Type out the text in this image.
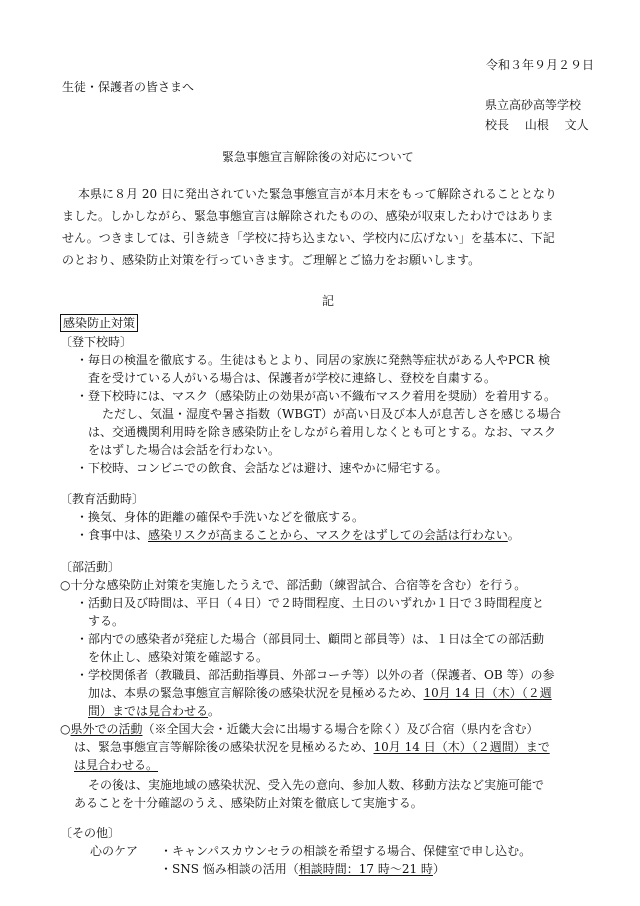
令和３年９月２９日
生徒・保護者の皆さまへ
県立高砂高等学校
校長　 山根　 文人
緊急事態宣言解除後の対応について
本県に８月 20 日に発出されていた緊急事態宣言が本月末をもって解除されることとなり
ました。しかしながら、緊急事態宣言は解除されたものの、感染が収束したわけではありま
せん。つきましては、引き続き「学校に持ち込まない、学校内に広げない」を基本に、下記
のとおり、感染防止対策を行っていきます。ご理解とご協力をお願いします。
記
感染防止対策
〔登下校時〕
・毎日の検温を徹底する。生徒はもとより、同居の家族に発熱等症状がある人やPCR 検
査を受けている人がいる場合は、保護者が学校に連絡し、登校を自粛する。
・登下校時には、マスク（感染防止の効果が高い不織布マスク着用を奨励）を着用する。
ただし、気温・湿度や暑さ指数（WBGT）が高い日及び本人が息苦しさを感じる場合
は、交通機関利用時を除き感染防止をしながら着用しなくとも可とする。なお、マスク
をはずした場合は会話を行わない。
・下校時、コンビニでの飲食、会話などは避け、速やかに帰宅する。
〔教育活動時〕
・換気、身体的距離の確保や手洗いなどを徹底する。
・食事中は、感染リスクが高まることから、マスクをはずしての会話は行わない。
〔部活動〕
○十分な感染防止対策を実施したうえで、部活動（練習試合、合宿等を含む）を行う。
・活動日及び時間は、平日（４日）で２時間程度、土日のいずれか１日で３時間程度と
する。
・部内での感染者が発症した場合（部員同士、顧問と部員等）は、１日は全ての部活動
を休止し、感染対策を確認する。
・学校関係者（教職員、部活動指導員、外部コーチ等）以外の者（保護者、OB 等）の参
加は、本県の緊急事態宣言解除後の感染状況を見極めるため、10月 14 日（木）（２週
間）までは見合わせる。
○県外での活動（※全国大会・近畿大会に出場する場合を除く）及び合宿（県内を含む）
は、緊急事態宣言等解除後の感染状況を見極めるため、10月 14 日（木）（２週間）まで
は見合わせる。
その後は、実施地域の感染状況、受入先の意向、参加人数、移動方法など実施可能で
あることを十分確認のうえ、感染防止対策を徹底して実施する。
〔その他〕
心のケア ・キャンパスカウンセラの相談を希望する場合、保健室で申し込む。
・SNS 悩み相談の活用（相談時間：17 時～21 時）
